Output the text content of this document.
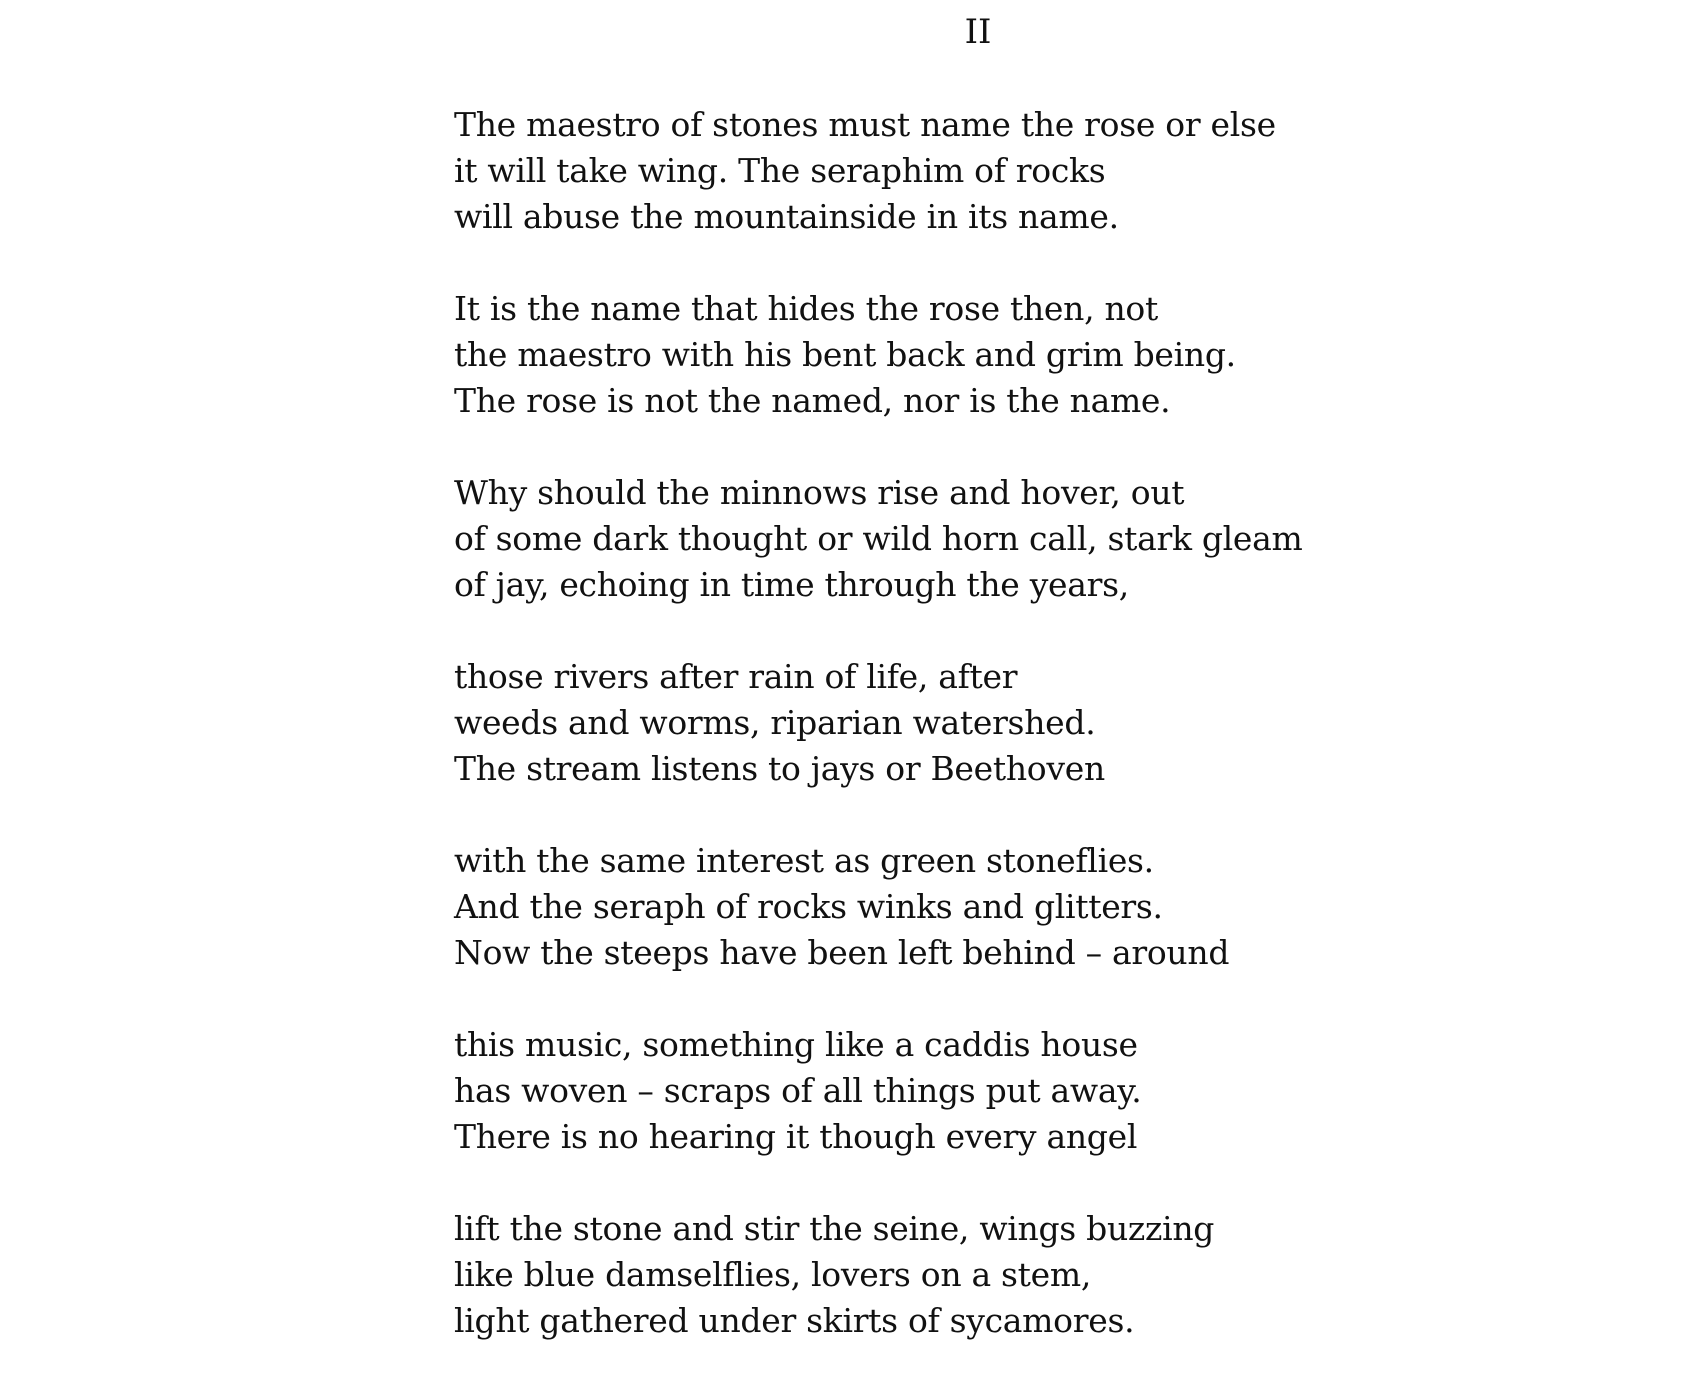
II
The maestro of stones must name the rose or else
it will take wing. The seraphim of rocks
will abuse the mountainside in its name.
It is the name that hides the rose then, not
the maestro with his bent back and grim being.
The rose is not the named, nor is the name.
Why should the minnows rise and hover, out
of some dark thought or wild horn call, stark gleam
of jay, echoing in time through the years,
those rivers after rain of life, after
weeds and worms, riparian watershed.
The stream listens to jays or Beethoven
with the same interest as green stoneflies.
And the seraph of rocks winks and glitters.
Now the steeps have been left behind – around
this music, something like a caddis house
has woven – scraps of all things put away.
There is no hearing it though every angel
lift the stone and stir the seine, wings buzzing
like blue damselflies, lovers on a stem,
light gathered under skirts of sycamores.
